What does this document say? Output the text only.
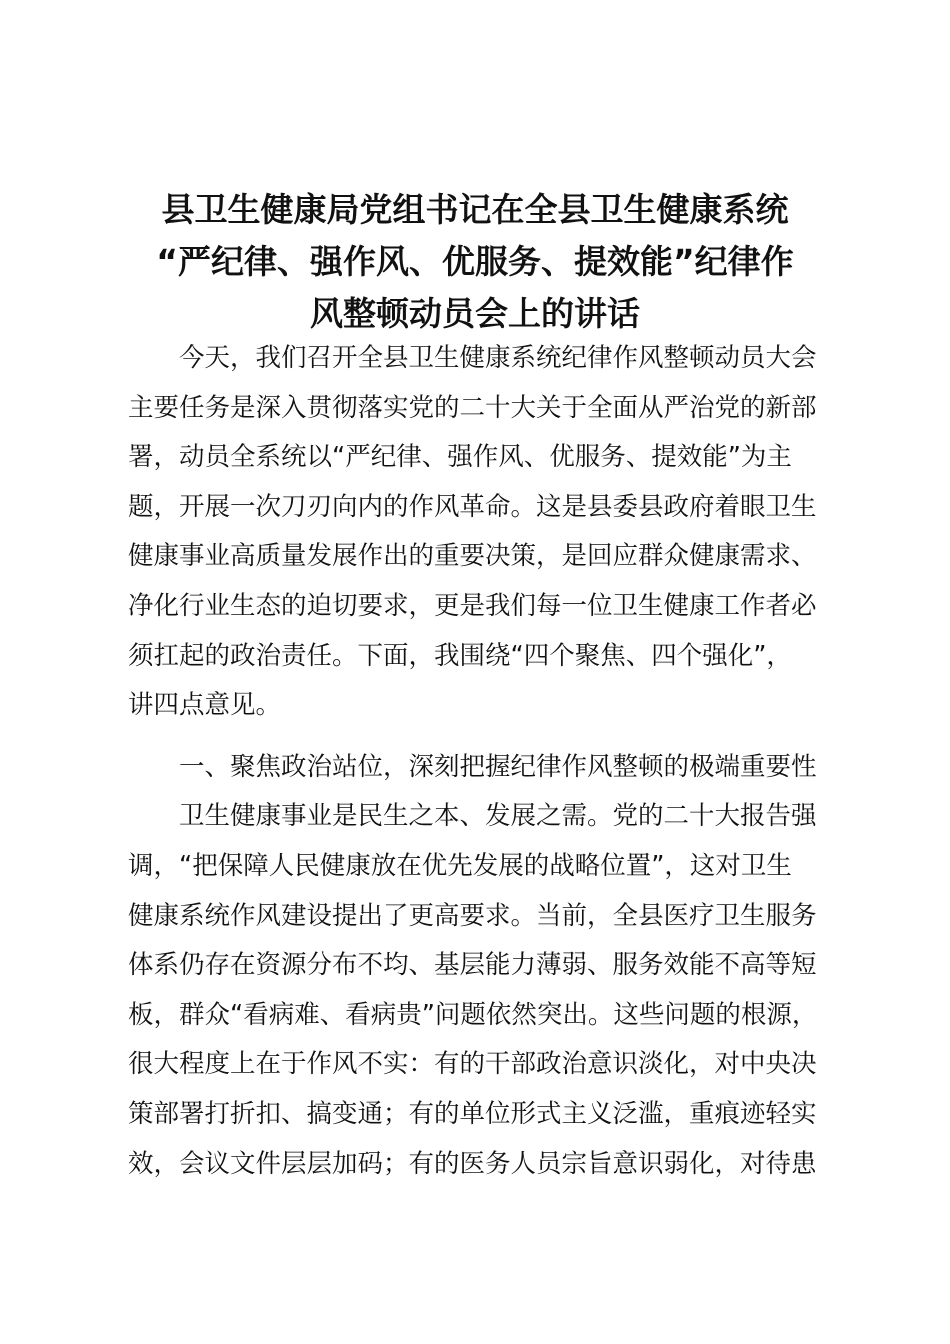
县卫生健康局党组书记在全县卫生健康系统
“严纪律、强作风、优服务、提效能”纪律作
风整顿动员会上的讲话
今天，我们召开全县卫生健康系统纪律作风整顿动员大会
主要任务是深入贯彻落实党的二十大关于全面从严治党的新部
署，动员全系统以“严纪律、强作风、优服务、提效能”为主
题，开展一次刀刃向内的作风革命。这是县委县政府着眼卫生
健康事业高质量发展作出的重要决策，是回应群众健康需求、
净化行业生态的迫切要求，更是我们每一位卫生健康工作者必
须扛起的政治责任。下面，我围绕“四个聚焦、四个强化”，
讲四点意见。
一、聚焦政治站位，深刻把握纪律作风整顿的极端重要性
卫生健康事业是民生之本、发展之需。党的二十大报告强
调，“把保障人民健康放在优先发展的战略位置”，这对卫生
健康系统作风建设提出了更高要求。当前，全县医疗卫生服务
体系仍存在资源分布不均、基层能力薄弱、服务效能不高等短
板，群众“看病难、看病贵”问题依然突出。这些问题的根源，
很大程度上在于作风不实：有的干部政治意识淡化，对中央决
策部署打折扣、搞变通；有的单位形式主义泛滥，重痕迹轻实
效，会议文件层层加码；有的医务人员宗旨意识弱化，对待患
